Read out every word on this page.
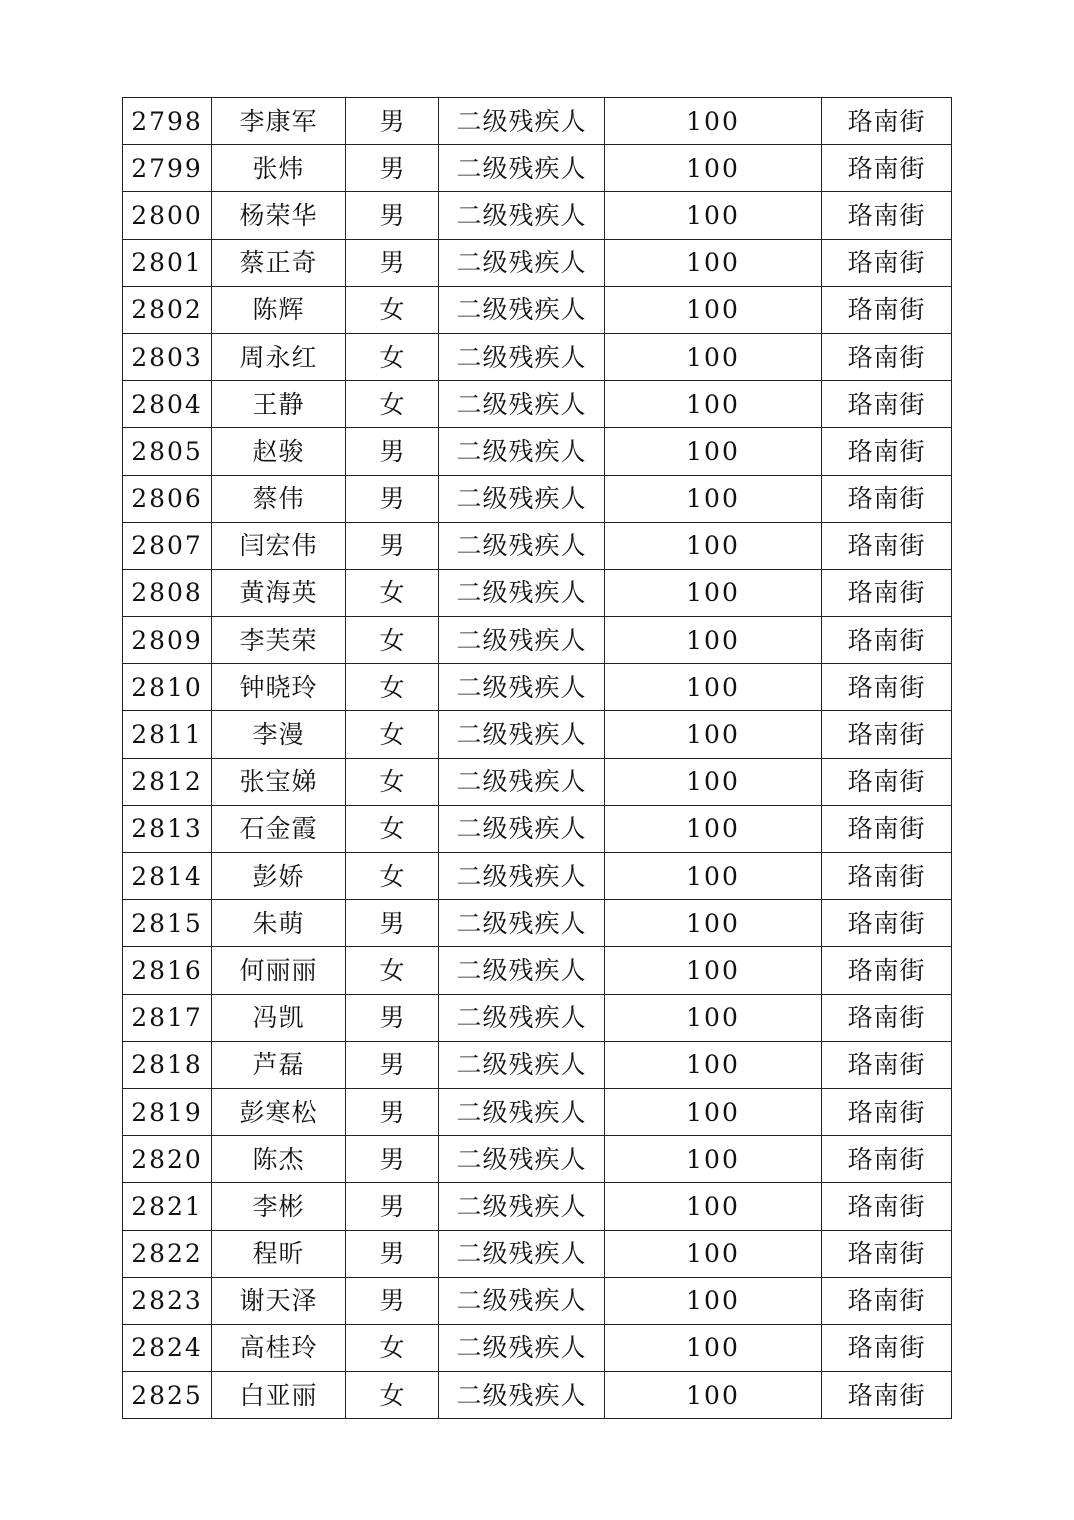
2798	李康军	男	二级残疾人	100	珞南街
2799	张炜	男	二级残疾人	100	珞南街
2800	杨荣华	男	二级残疾人	100	珞南街
2801	蔡正奇	男	二级残疾人	100	珞南街
2802	陈辉	女	二级残疾人	100	珞南街
2803	周永红	女	二级残疾人	100	珞南街
2804	王静	女	二级残疾人	100	珞南街
2805	赵骏	男	二级残疾人	100	珞南街
2806	蔡伟	男	二级残疾人	100	珞南街
2807	闫宏伟	男	二级残疾人	100	珞南街
2808	黄海英	女	二级残疾人	100	珞南街
2809	李芙荣	女	二级残疾人	100	珞南街
2810	钟晓玲	女	二级残疾人	100	珞南街
2811	李漫	女	二级残疾人	100	珞南街
2812	张宝娣	女	二级残疾人	100	珞南街
2813	石金霞	女	二级残疾人	100	珞南街
2814	彭娇	女	二级残疾人	100	珞南街
2815	朱萌	男	二级残疾人	100	珞南街
2816	何丽丽	女	二级残疾人	100	珞南街
2817	冯凯	男	二级残疾人	100	珞南街
2818	芦磊	男	二级残疾人	100	珞南街
2819	彭寒松	男	二级残疾人	100	珞南街
2820	陈杰	男	二级残疾人	100	珞南街
2821	李彬	男	二级残疾人	100	珞南街
2822	程昕	男	二级残疾人	100	珞南街
2823	谢天泽	男	二级残疾人	100	珞南街
2824	高桂玲	女	二级残疾人	100	珞南街
2825	白亚丽	女	二级残疾人	100	珞南街
